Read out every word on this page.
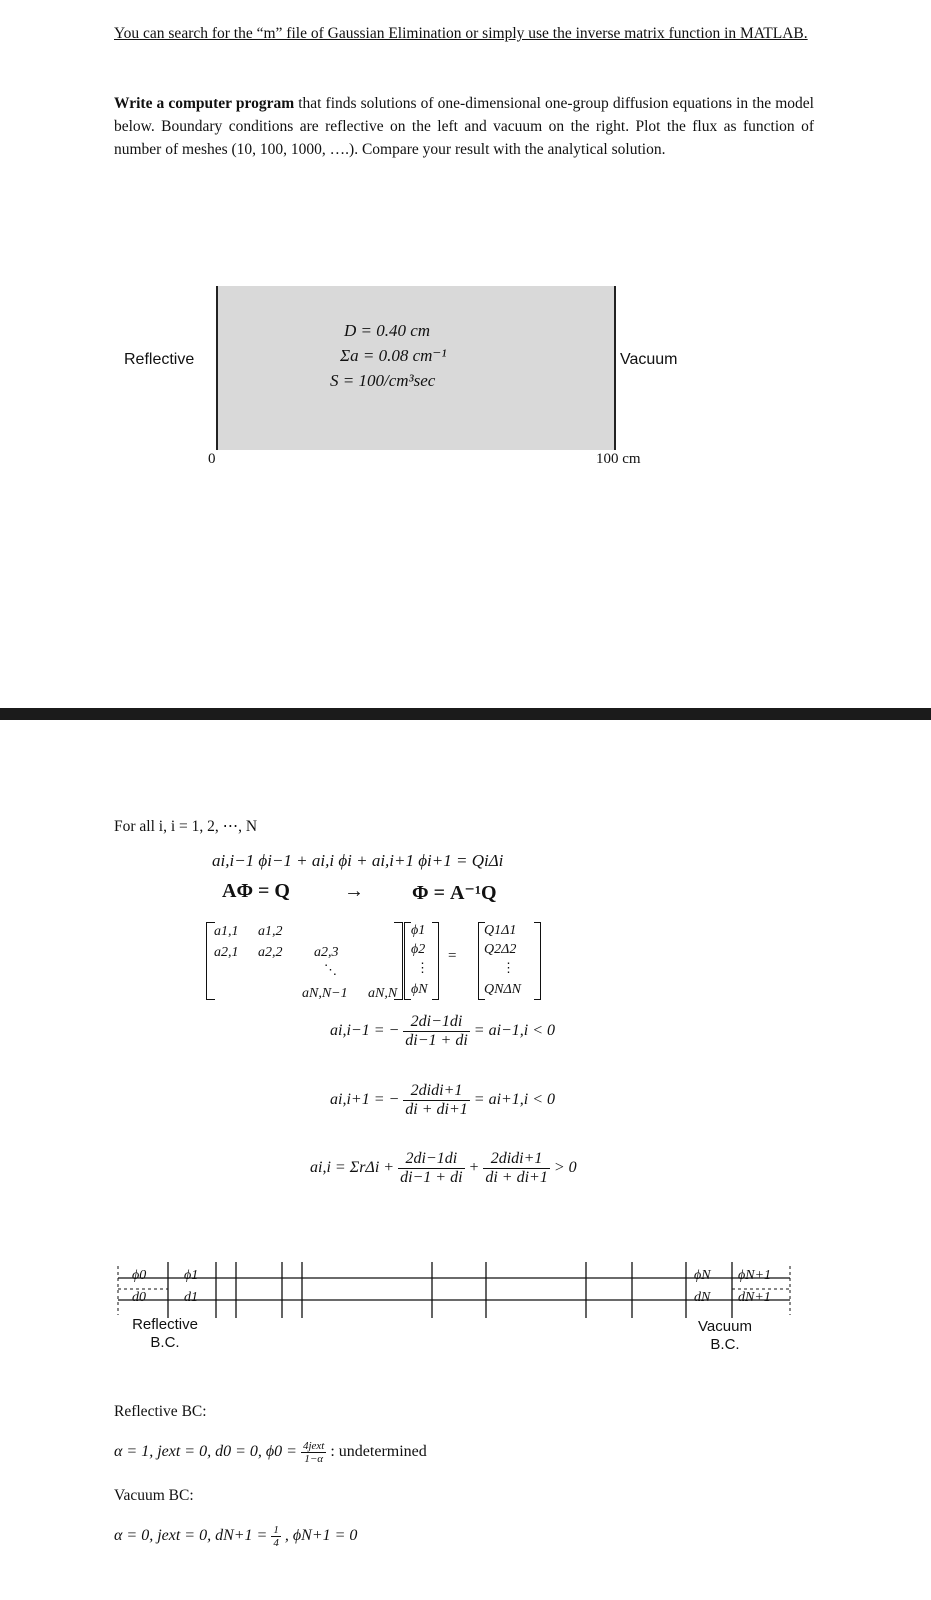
You can search for the “m” file of Gaussian Elimination or simply use the inverse matrix function in MATLAB.
Write a computer program that finds solutions of one-dimensional one-group diffusion equations in the model below. Boundary conditions are reflective on the left and vacuum on the right. Plot the flux as function of number of meshes (10, 100, 1000, ….). Compare your result with the analytical solution.
Reflective
D = 0.40 cm
Σa = 0.08 cm⁻¹
S = 100/cm³sec
Vacuum
0	100 cm
For all i, i = 1, 2, ⋯, N
ai,i−1 ϕi−1 + ai,i ϕi + ai,i+1 ϕi+1 = QiΔi
AΦ = Q	→ Φ = A⁻¹Q
a1,1 a1,2
a2,1 a2,2 a2,3
⋱
aN,N−1 aN,N
ϕ1
ϕ2
⋮
ϕN
=
Q1Δ1
Q2Δ2
⋮
QNΔN
ai,i−1 = − $\frac{2di-1di}{di-1 + di} = ai-1,i < 0$
ai,i+1 = − $\frac{\text{2didi+1}}{di + di+1} = ai+1,i < 0$
$ai,i = \Sigma r\Delta i + \frac{2di-1di}{di-1 + di} + \frac{\text{2didi+1}}{di + di+1} > 0$
ϕ0
d0
ϕ1
d1
ϕN
dN
ϕN+1
dN+1
Reflective
B.C.
Vacuum
B.C.
Reflective BC:
α = 1, jext = 0, d0 = 0, $\phi 0 = \frac{\text{4jext}}{1-\alpha}$ : undetermined
Vacuum BC:
α = 0, jext = 0, $dN+1 = \frac{1}{4}$ , ϕN+1 = 0
